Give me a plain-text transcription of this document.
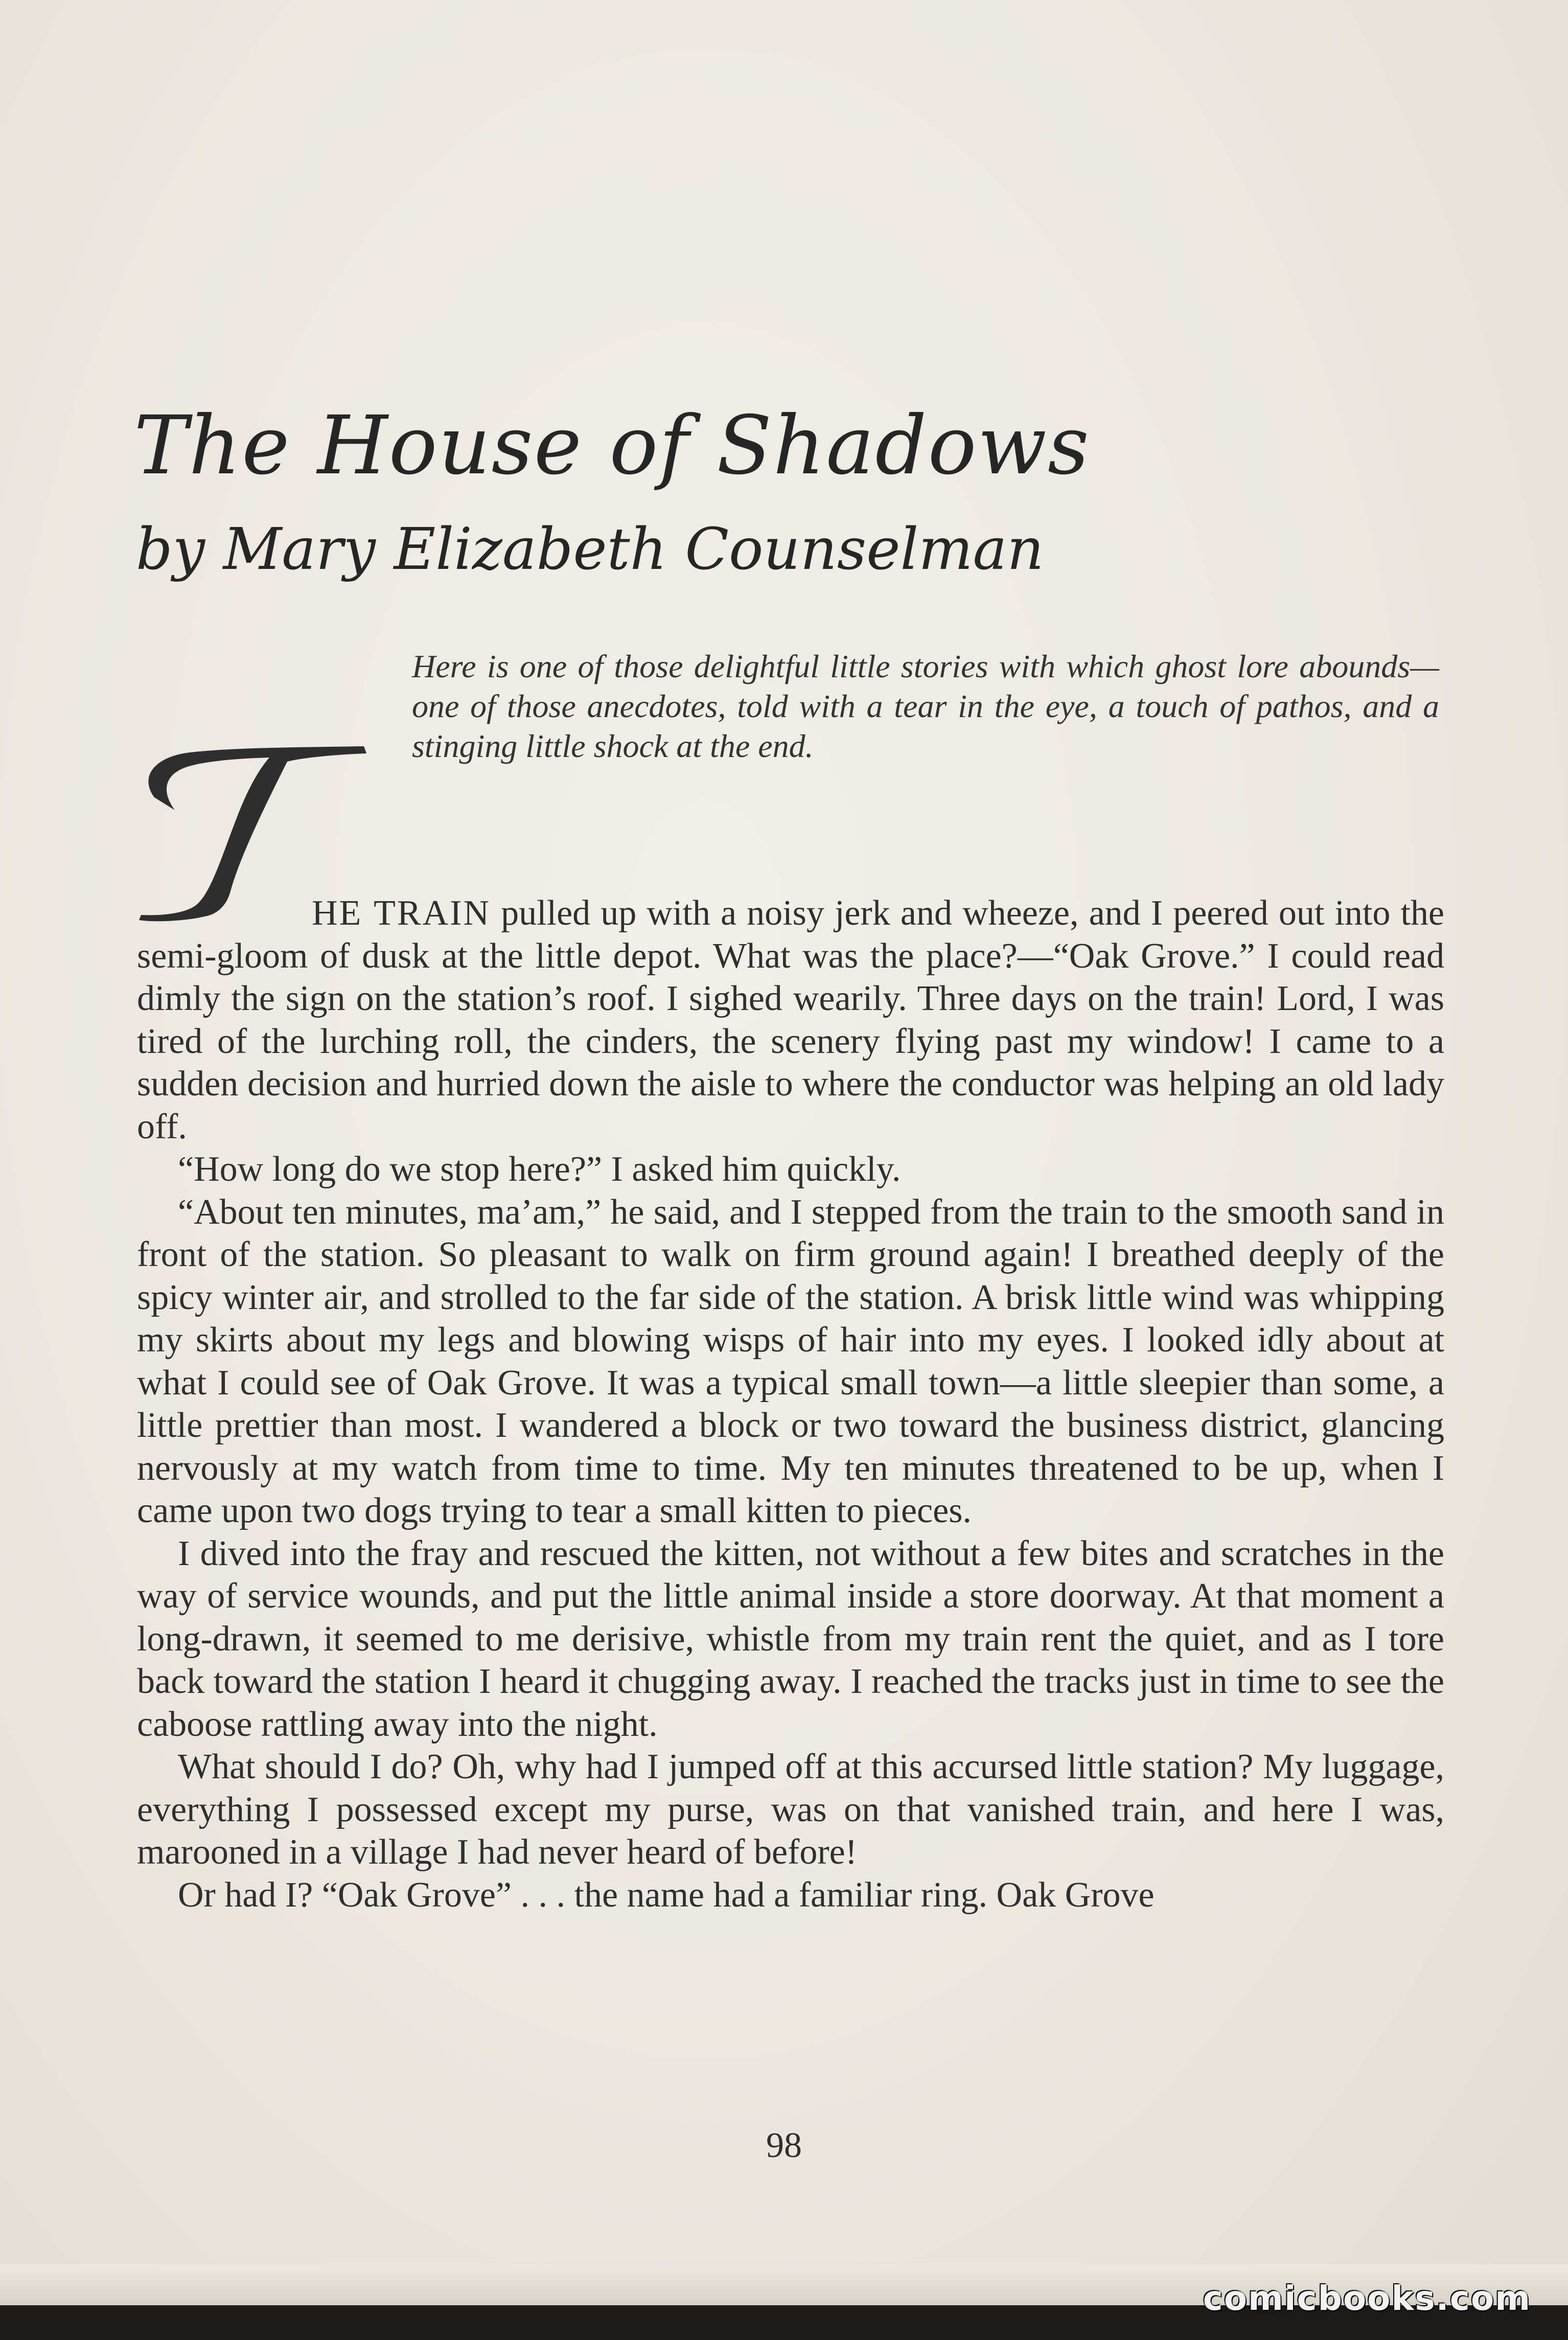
The House of Shadows
by Mary Elizabeth Counselman
Here is one of those delightful little stories with which ghost lore abounds—one of those anecdotes, told with a tear in the eye, a touch of pathos, and a stinging little shock at the end.
T

HE TRAIN pulled up with a noisy jerk and wheeze, and I peered out into the semi-gloom of dusk at the little depot. What was the place?—“Oak Grove.” I could read dimly the sign on the station’s roof. I sighed wearily. Three days on the train! Lord, I was tired of the lurching roll, the cinders, the scenery flying past my window! I came to a sudden decision and hurried down the aisle to where the conductor was helping an old lady off.

“How long do we stop here?” I asked him quickly.

“About ten minutes, ma’am,” he said, and I stepped from the train to the smooth sand in front of the station. So pleasant to walk on firm ground again! I breathed deeply of the spicy winter air, and strolled to the far side of the station. A brisk little wind was whipping my skirts about my legs and blowing wisps of hair into my eyes. I looked idly about at what I could see of Oak Grove. It was a typical small town—a little sleepier than some, a little prettier than most. I wandered a block or two toward the business district, glancing nervously at my watch from time to time. My ten minutes threatened to be up, when I came upon two dogs trying to tear a small kitten to pieces.

I dived into the fray and rescued the kitten, not without a few bites and scratches in the way of service wounds, and put the little animal inside a store doorway. At that moment a long-drawn, it seemed to me derisive, whistle from my train rent the quiet, and as I tore back toward the station I heard it chugging away. I reached the tracks just in time to see the caboose rattling away into the night.

What should I do? Oh, why had I jumped off at this accursed little station? My luggage, everything I possessed except my purse, was on that vanished train, and here I was, marooned in a village I had never heard of before!

Or had I? “Oak Grove” . . . the name had a familiar ring. Oak Grove

98
comicbooks.com
